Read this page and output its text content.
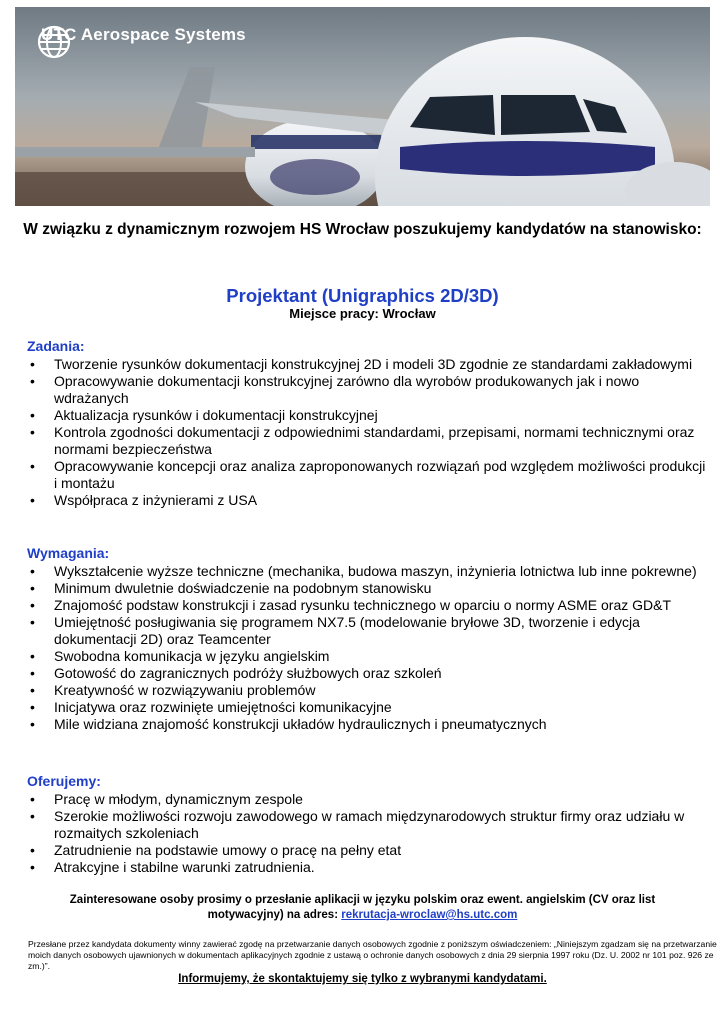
UTC Aerospace Systems
W związku z dynamicznym rozwojem HS Wrocław poszukujemy kandydatów na stanowisko:
Projektant (Unigraphics 2D/3D)
Miejsce pracy: Wrocław
Zadania:
• Tworzenie rysunków dokumentacji konstrukcyjnej 2D i modeli 3D zgodnie ze standardami zakładowymi
• Opracowywanie dokumentacji konstrukcyjnej zarówno dla wyrobów produkowanych jak i nowo wdrażanych
• Aktualizacja rysunków i dokumentacji konstrukcyjnej
• Kontrola zgodności dokumentacji z odpowiednimi standardami, przepisami, normami technicznymi oraz normami bezpieczeństwa
• Opracowywanie koncepcji oraz analiza zaproponowanych rozwiązań pod względem możliwości produkcji i montażu
• Współpraca z inżynierami z USA
Wymagania:
• Wykształcenie wyższe techniczne (mechanika, budowa maszyn, inżynieria lotnictwa lub inne pokrewne)
• Minimum dwuletnie doświadczenie na podobnym stanowisku
• Znajomość podstaw konstrukcji i zasad rysunku technicznego w oparciu o normy ASME oraz GD&T
• Umiejętność posługiwania się programem NX7.5 (modelowanie bryłowe 3D, tworzenie i edycja dokumentacji 2D) oraz Teamcenter
• Swobodna komunikacja w języku angielskim
• Gotowość do zagranicznych podróży służbowych oraz szkoleń
• Kreatywność w rozwiązywaniu problemów
• Inicjatywa oraz rozwinięte umiejętności komunikacyjne
• Mile widziana znajomość konstrukcji układów hydraulicznych i pneumatycznych
Oferujemy:
• Pracę w młodym, dynamicznym zespole
• Szerokie możliwości rozwoju zawodowego w ramach międzynarodowych struktur firmy oraz udziału w rozmaitych szkoleniach
• Zatrudnienie na podstawie umowy o pracę na pełny etat
• Atrakcyjne i stabilne warunki zatrudnienia.
Zainteresowane osoby prosimy o przesłanie aplikacji w języku polskim oraz ewent. angielskim (CV oraz list motywacyjny) na adres: rekrutacja-wroclaw@hs.utc.com
Przesłane przez kandydata dokumenty winny zawierać zgodę na przetwarzanie danych osobowych zgodnie z poniższym oświadczeniem: „Niniejszym zgadzam się na przetwarzanie moich danych osobowych ujawnionych w dokumentach aplikacyjnych zgodnie z ustawą o ochronie danych osobowych z dnia 29 sierpnia 1997 roku (Dz. U. 2002 nr 101 poz. 926 ze zm.)”.
Informujemy, że skontaktujemy się tylko z wybranymi kandydatami.
